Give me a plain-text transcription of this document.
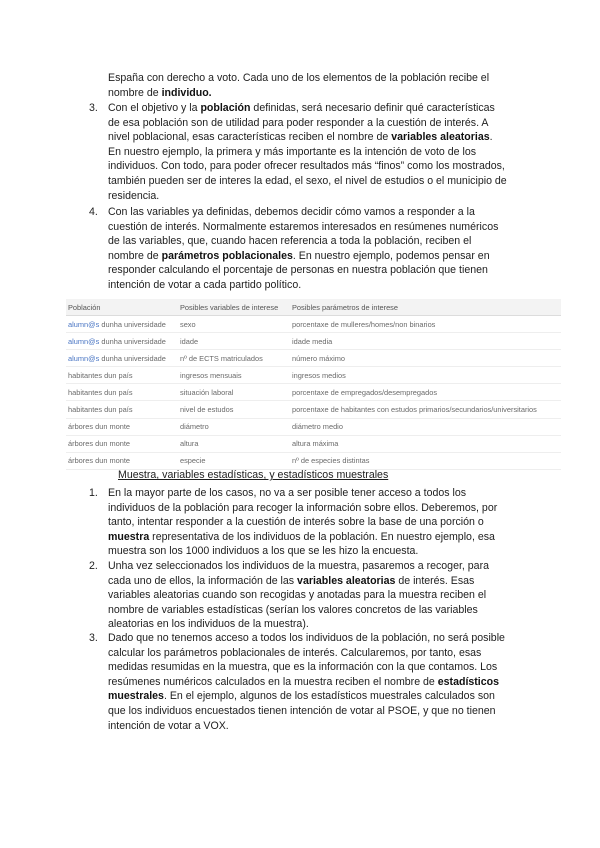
España con derecho a voto. Cada uno de los elementos de la población recibe el
nombre de individuo.
3. Con el objetivo y la población definidas, será necesario definir qué características
de esa población son de utilidad para poder responder a la cuestión de interés. A
nivel poblacional, esas características reciben el nombre de variables aleatorias.
En nuestro ejemplo, la primera y más importante es la intención de voto de los
individuos. Con todo, para poder ofrecer resultados más “finos” como los mostrados,
también pueden ser de interes la edad, el sexo, el nivel de estudios o el municipio de
residencia.
4. Con las variables ya definidas, debemos decidir cómo vamos a responder a la
cuestión de interés. Normalmente estaremos interesados en resúmenes numéricos
de las variables, que, cuando hacen referencia a toda la población, reciben el
nombre de parámetros poblacionales. En nuestro ejemplo, podemos pensar en
responder calculando el porcentaje de personas en nuestra población que tienen
intención de votar a cada partido político.
Población	Posibles variables de interese	Posibles parámetros de interese
alumn@s dunha universidade	sexo	porcentaxe de mulleres/homes/non binarios
alumn@s dunha universidade	idade	idade media
alumn@s dunha universidade	nº de ECTS matriculados	número máximo
habitantes dun país	ingresos mensuais	ingresos medios
habitantes dun país	situación laboral	porcentaxe de empregados/desempregados
habitantes dun país	nivel de estudos	porcentaxe de habitantes con estudos primarios/secundarios/universitarios
árbores dun monte	diámetro	diámetro medio
árbores dun monte	altura	altura máxima
árbores dun monte	especie	nº de especies distintas
Muestra, variables estadísticas, y estadísticos muestrales
1. En la mayor parte de los casos, no va a ser posible tener acceso a todos los
individuos de la población para recoger la información sobre ellos. Deberemos, por
tanto, intentar responder a la cuestión de interés sobre la base de una porción o
muestra representativa de los individuos de la población. En nuestro ejemplo, esa
muestra son los 1000 individuos a los que se les hizo la encuesta.
2. Unha vez seleccionados los individuos de la muestra, pasaremos a recoger, para
cada uno de ellos, la información de las variables aleatorias de interés. Esas
variables aleatorias cuando son recogidas y anotadas para la muestra reciben el
nombre de variables estadísticas (serían los valores concretos de las variables
aleatorias en los individuos de la muestra).
3. Dado que no tenemos acceso a todos los individuos de la población, no será posible
calcular los parámetros poblacionales de interés. Calcularemos, por tanto, esas
medidas resumidas en la muestra, que es la información con la que contamos. Los
resúmenes numéricos calculados en la muestra reciben el nombre de estadísticos
muestrales. En el ejemplo, algunos de los estadísticos muestrales calculados son
que los individuos encuestados tienen intención de votar al PSOE, y que no tienen
intención de votar a VOX.
